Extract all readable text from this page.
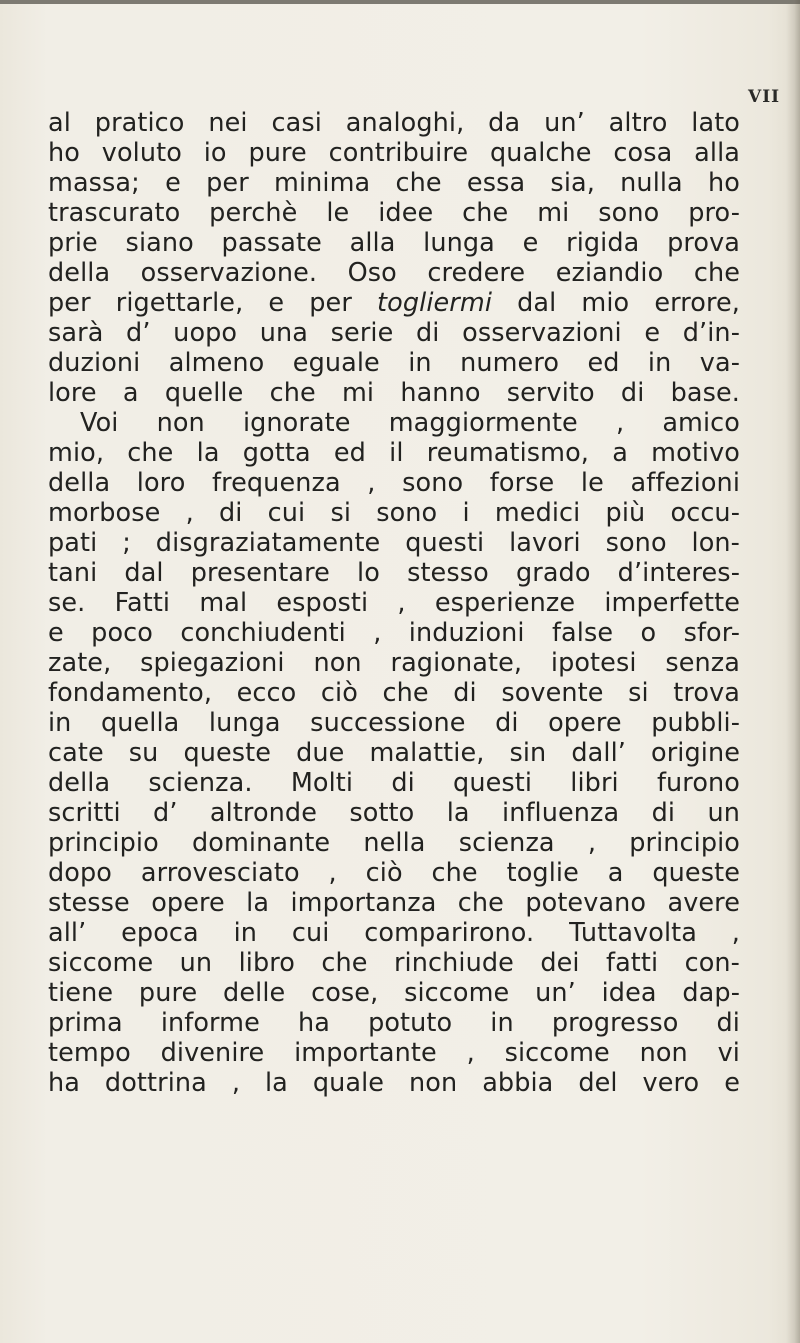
VII
al pratico nei casi analoghi, da un’ altro lato
ho voluto io pure contribuire qualche cosa alla
massa; e per minima che essa sia, nulla ho
trascurato perchè le idee che mi sono pro-
prie siano passate alla lunga e rigida prova
della osservazione. Oso credere eziandio che
per rigettarle, e per togliermi dal mio errore,
sarà d’ uopo una serie di osservazioni e d’in-
duzioni almeno eguale in numero ed in va-
lore a quelle che mi hanno servito di base.
Voi non ignorate maggiormente , amico
mio, che la gotta ed il reumatismo, a motivo
della loro frequenza , sono forse le affezioni
morbose , di cui si sono i medici più occu-
pati ; disgraziatamente questi lavori sono lon-
tani dal presentare lo stesso grado d’interes-
se. Fatti mal esposti , esperienze imperfette
e poco conchiudenti , induzioni false o sfor-
zate, spiegazioni non ragionate, ipotesi senza
fondamento, ecco ciò che di sovente si trova
in quella lunga successione di opere pubbli-
cate su queste due malattie, sin dall’ origine
della scienza. Molti di questi libri furono
scritti d’ altronde sotto la influenza di un
principio dominante nella scienza , principio
dopo arrovesciato , ciò che toglie a queste
stesse opere la importanza che potevano avere
all’ epoca in cui comparirono. Tuttavolta ,
siccome un libro che rinchiude dei fatti con-
tiene pure delle cose, siccome un’ idea dap-
prima informe ha potuto in progresso di
tempo divenire importante , siccome non vi
ha dottrina , la quale non abbia del vero e
